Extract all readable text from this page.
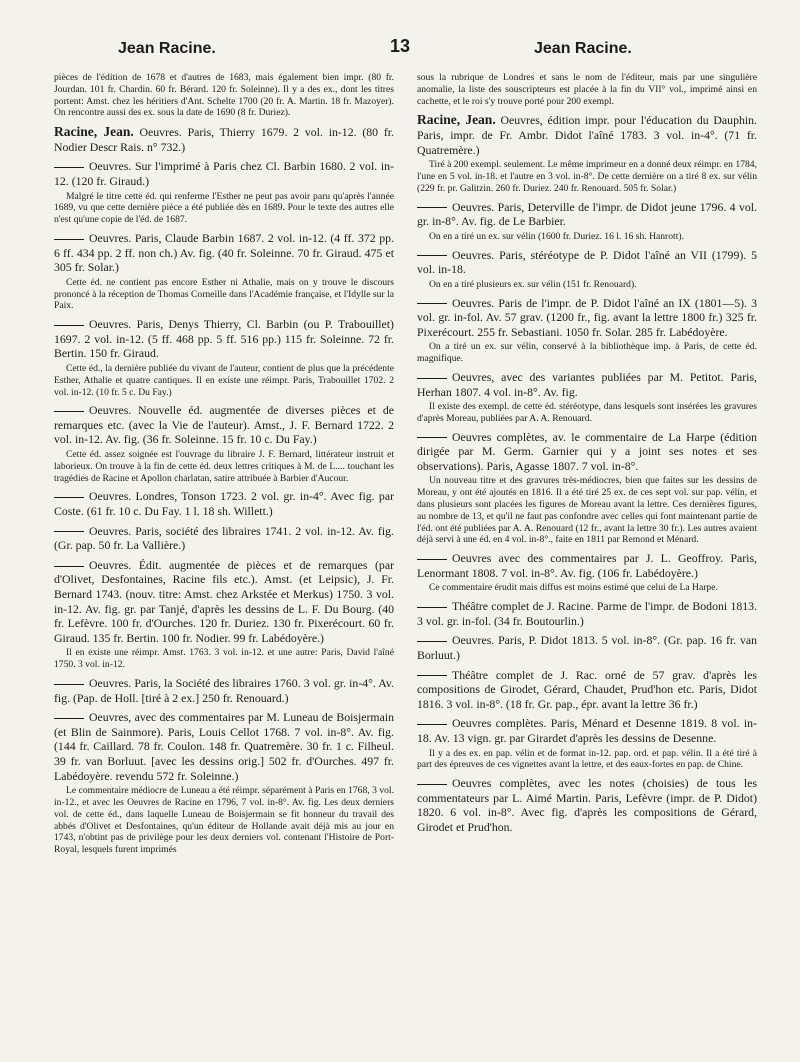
Jean Racine.	13	Jean Racine.

pièces de l'édition de 1678 et d'autres de 1683, mais également bien impr. (80 fr. Jourdan. 101 fr. Chardin. 60 fr. Bérard. 120 fr. Soleinne). Il y a des ex., dont les titres portent: Amst. chez les héritiers d'Ant. Schelte 1700 (20 fr. A. Martin. 18 fr. Mazoyer). On rencontre aussi des ex. sous la date de 1690 (8 fr. Duriez).

Racine, Jean. Oeuvres. Paris, Thierry 1679. 2 vol. in-12. (80 fr. Nodier Descr Rais. n° 732.)

Oeuvres. Sur l'imprimé à Paris chez Cl. Barbin 1680. 2 vol. in-12. (120 fr. Giraud.)

Malgré le titre cette éd. qui renferme l'Esther ne peut pas avoir paru qu'après l'année 1689, vu que cette dernière pièce a été publiée dès en 1689. Pour le texte des autres elle n'est qu'une copie de l'éd. de 1687.

Oeuvres. Paris, Claude Barbin 1687. 2 vol. in-12. (4 ff. 372 pp. 6 ff. 434 pp. 2 ff. non ch.) Av. fig. (40 fr. Soleinne. 70 fr. Giraud. 475 et 305 fr. Solar.)

Cette éd. ne contient pas encore Esther ni Athalie, mais on y trouve le discours prononcé à la réception de Thomas Corneille dans l'Académie française, et l'Idylle sur la Paix.

Oeuvres. Paris, Denys Thierry, Cl. Barbin (ou P. Trabouillet) 1697. 2 vol. in-12. (5 ff. 468 pp. 5 ff. 516 pp.) 115 fr. Soleinne. 72 fr. Bertin. 150 fr. Giraud.

Cette éd., la dernière publiée du vivant de l'auteur, contient de plus que la précédente Esther, Athalie et quatre cantiques. Il en existe une réimpr. Paris, Trabouillet 1702. 2 vol. in-12. (10 fr. 5 c. Du Fay.)

Oeuvres. Nouvelle éd. augmentée de diverses pièces et de remarques etc. (avec la Vie de l'auteur). Amst., J. F. Bernard 1722. 2 vol. in-12. Av. fig. (36 fr. Soleinne. 15 fr. 10 c. Du Fay.)

Cette éd. assez soignée est l'ouvrage du libraire J. F. Bernard, littérateur instruit et laborieux. On trouve à la fin de cette éd. deux lettres critiques à M. de L.... touchant les tragédies de Racine et Apollon charlatan, satire attribuée à Barbier d'Aucour.

Oeuvres. Londres, Tonson 1723. 2 vol. gr. in-4°. Avec fig. par Coste. (61 fr. 10 c. Du Fay. 1 l. 18 sh. Willett.)

Oeuvres. Paris, société des libraires 1741. 2 vol. in-12. Av. fig. (Gr. pap. 50 fr. La Vallière.)

Oeuvres. Édit. augmentée de pièces et de remarques (par d'Olivet, Desfontaines, Racine fils etc.). Amst. (et Leipsic), J. Fr. Bernard 1743. (nouv. titre: Amst. chez Arkstée et Merkus) 1750. 3 vol. in-12. Av. fig. gr. par Tanjé, d'après les dessins de L. F. Du Bourg. (40 fr. Lefèvre. 100 fr. d'Ourches. 120 fr. Duriez. 130 fr. Pixerécourt. 60 fr. Giraud. 135 fr. Bertin. 100 fr. Nodier. 99 fr. Labédoyère.)

Il en existe une réimpr. Amst. 1763. 3 vol. in-12. et une autre: Paris, David l'aîné 1750. 3 vol. in-12.

Oeuvres. Paris, la Société des libraires 1760. 3 vol. gr. in-4°. Av. fig. (Pap. de Holl. [tiré à 2 ex.] 250 fr. Renouard.)

Oeuvres, avec des commentaires par M. Luneau de Boisjermain (et Blin de Sainmore). Paris, Louis Cellot 1768. 7 vol. in-8°. Av. fig. (144 fr. Caillard. 78 fr. Coulon. 148 fr. Quatremère. 30 fr. 1 c. Filheul. 39 fr. van Borluut. [avec les dessins orig.] 502 fr. d'Ourches. 497 fr. Labédoyère. revendu 572 fr. Soleinne.)

Le commentaire médiocre de Luneau a été réimpr. séparément à Paris en 1768, 3 vol. in-12., et avec les Oeuvres de Racine en 1796, 7 vol. in-8°. Av. fig. Les deux derniers vol. de cette éd., dans laquelle Luneau de Boisjermain se fit honneur du travail des abbés d'Olivet et Desfontaines, qu'un éditeur de Hollande avait déjà mis au jour en 1743, n'obtint pas de privilège pour les deux derniers vol. contenant l'Histoire de Port-Royal, lesquels furent imprimés

sous la rubrique de Londres et sans le nom de l'éditeur, mais par une singulière anomalie, la liste des souscripteurs est placée à la fin du VII° vol., imprimé ainsi en cachette, et le roi s'y trouve porté pour 200 exempl.

Racine, Jean. Oeuvres, édition impr. pour l'éducation du Dauphin. Paris, impr. de Fr. Ambr. Didot l'aîné 1783. 3 vol. in-4°. (71 fr. Quatremère.)

Tiré à 200 exempl. seulement. Le même imprimeur en a donné deux réimpr. en 1784, l'une en 5 vol. in-18. et l'autre en 3 vol. in-8°. De cette dernière on a tiré 8 ex. sur vélin (229 fr. pr. Galitzin. 260 fr. Duriez. 240 fr. Renouard. 505 fr. Solar.)

Oeuvres. Paris, Deterville de l'impr. de Didot jeune 1796. 4 vol. gr. in-8°. Av. fig. de Le Barbier.

On en a tiré un ex. sur vélin (1600 fr. Duriez. 16 l. 16 sh. Hanrott).

Oeuvres. Paris, stéréotype de P. Didot l'aîné an VII (1799). 5 vol. in-18.

On en a tiré plusieurs ex. sur vélin (151 fr. Renouard).

Oeuvres. Paris de l'impr. de P. Didot l'aîné an IX (1801—5). 3 vol. gr. in-fol. Av. 57 grav. (1200 fr., fig. avant la lettre 1800 fr.) 325 fr. Pixerécourt. 255 fr. Sebastiani. 1050 fr. Solar. 285 fr. Labédoyère.

On a tiré un ex. sur vélin, conservé à la bibliothèque imp. à Paris, de cette éd. magnifique.

Oeuvres, avec des variantes publiées par M. Petitot. Paris, Herhan 1807. 4 vol. in-8°. Av. fig.

Il existe des exempl. de cette éd. stéréotype, dans lesquels sont insérées les gravures d'après Moreau, publiées par A. A. Renouard.

Oeuvres complètes, av. le commentaire de La Harpe (édition dirigée par M. Germ. Garnier qui y a joint ses notes et ses observations). Paris, Agasse 1807. 7 vol. in-8°.

Un nouveau titre et des gravures très-médiocres, bien que faites sur les dessins de Moreau, y ont été ajoutés en 1816. Il a été tiré 25 ex. de ces sept vol. sur pap. vélin, et dans plusieurs sont placées les figures de Moreau avant la lettre. Ces dernières figures, au nombre de 13, et qu'il ne faut pas confondre avec celles qui font maintenant partie de l'éd. ont été publiées par A. A. Renouard (12 fr., avant la lettre 30 fr.). Les autres avaient déjà servi à une éd. en 4 vol. in-8°., faite en 1811 par Remond et Ménard.

Oeuvres avec des commentaires par J. L. Geoffroy. Paris, Lenormant 1808. 7 vol. in-8°. Av. fig. (106 fr. Labédoyère.)

Ce commentaire érudit mais diffus est moins estimé que celui de La Harpe.

Théâtre complet de J. Racine. Parme de l'impr. de Bodoni 1813. 3 vol. gr. in-fol. (34 fr. Boutourlin.)

Oeuvres. Paris, P. Didot 1813. 5 vol. in-8°. (Gr. pap. 16 fr. van Borluut.)

Théâtre complet de J. Rac. orné de 57 grav. d'après les compositions de Girodet, Gérard, Chaudet, Prud'hon etc. Paris, Didot 1816. 3 vol. in-8°. (18 fr. Gr. pap., épr. avant la lettre 36 fr.)

Oeuvres complètes. Paris, Ménard et Desenne 1819. 8 vol. in-18. Av. 13 vign. gr. par Girardet d'après les dessins de Desenne.

Il y a des ex. en pap. vélin et de format in-12. pap. ord. et pap. vélin. Il a été tiré à part des épreuves de ces vignettes avant la lettre, et des eaux-fortes en pap. de Chine.

Oeuvres complètes, avec les notes (choisies) de tous les commentateurs par L. Aimé Martin. Paris, Lefèvre (impr. de P. Didot) 1820. 6 vol. in-8°. Avec fig. d'après les compositions de Gérard, Girodet et Prud'hon.
